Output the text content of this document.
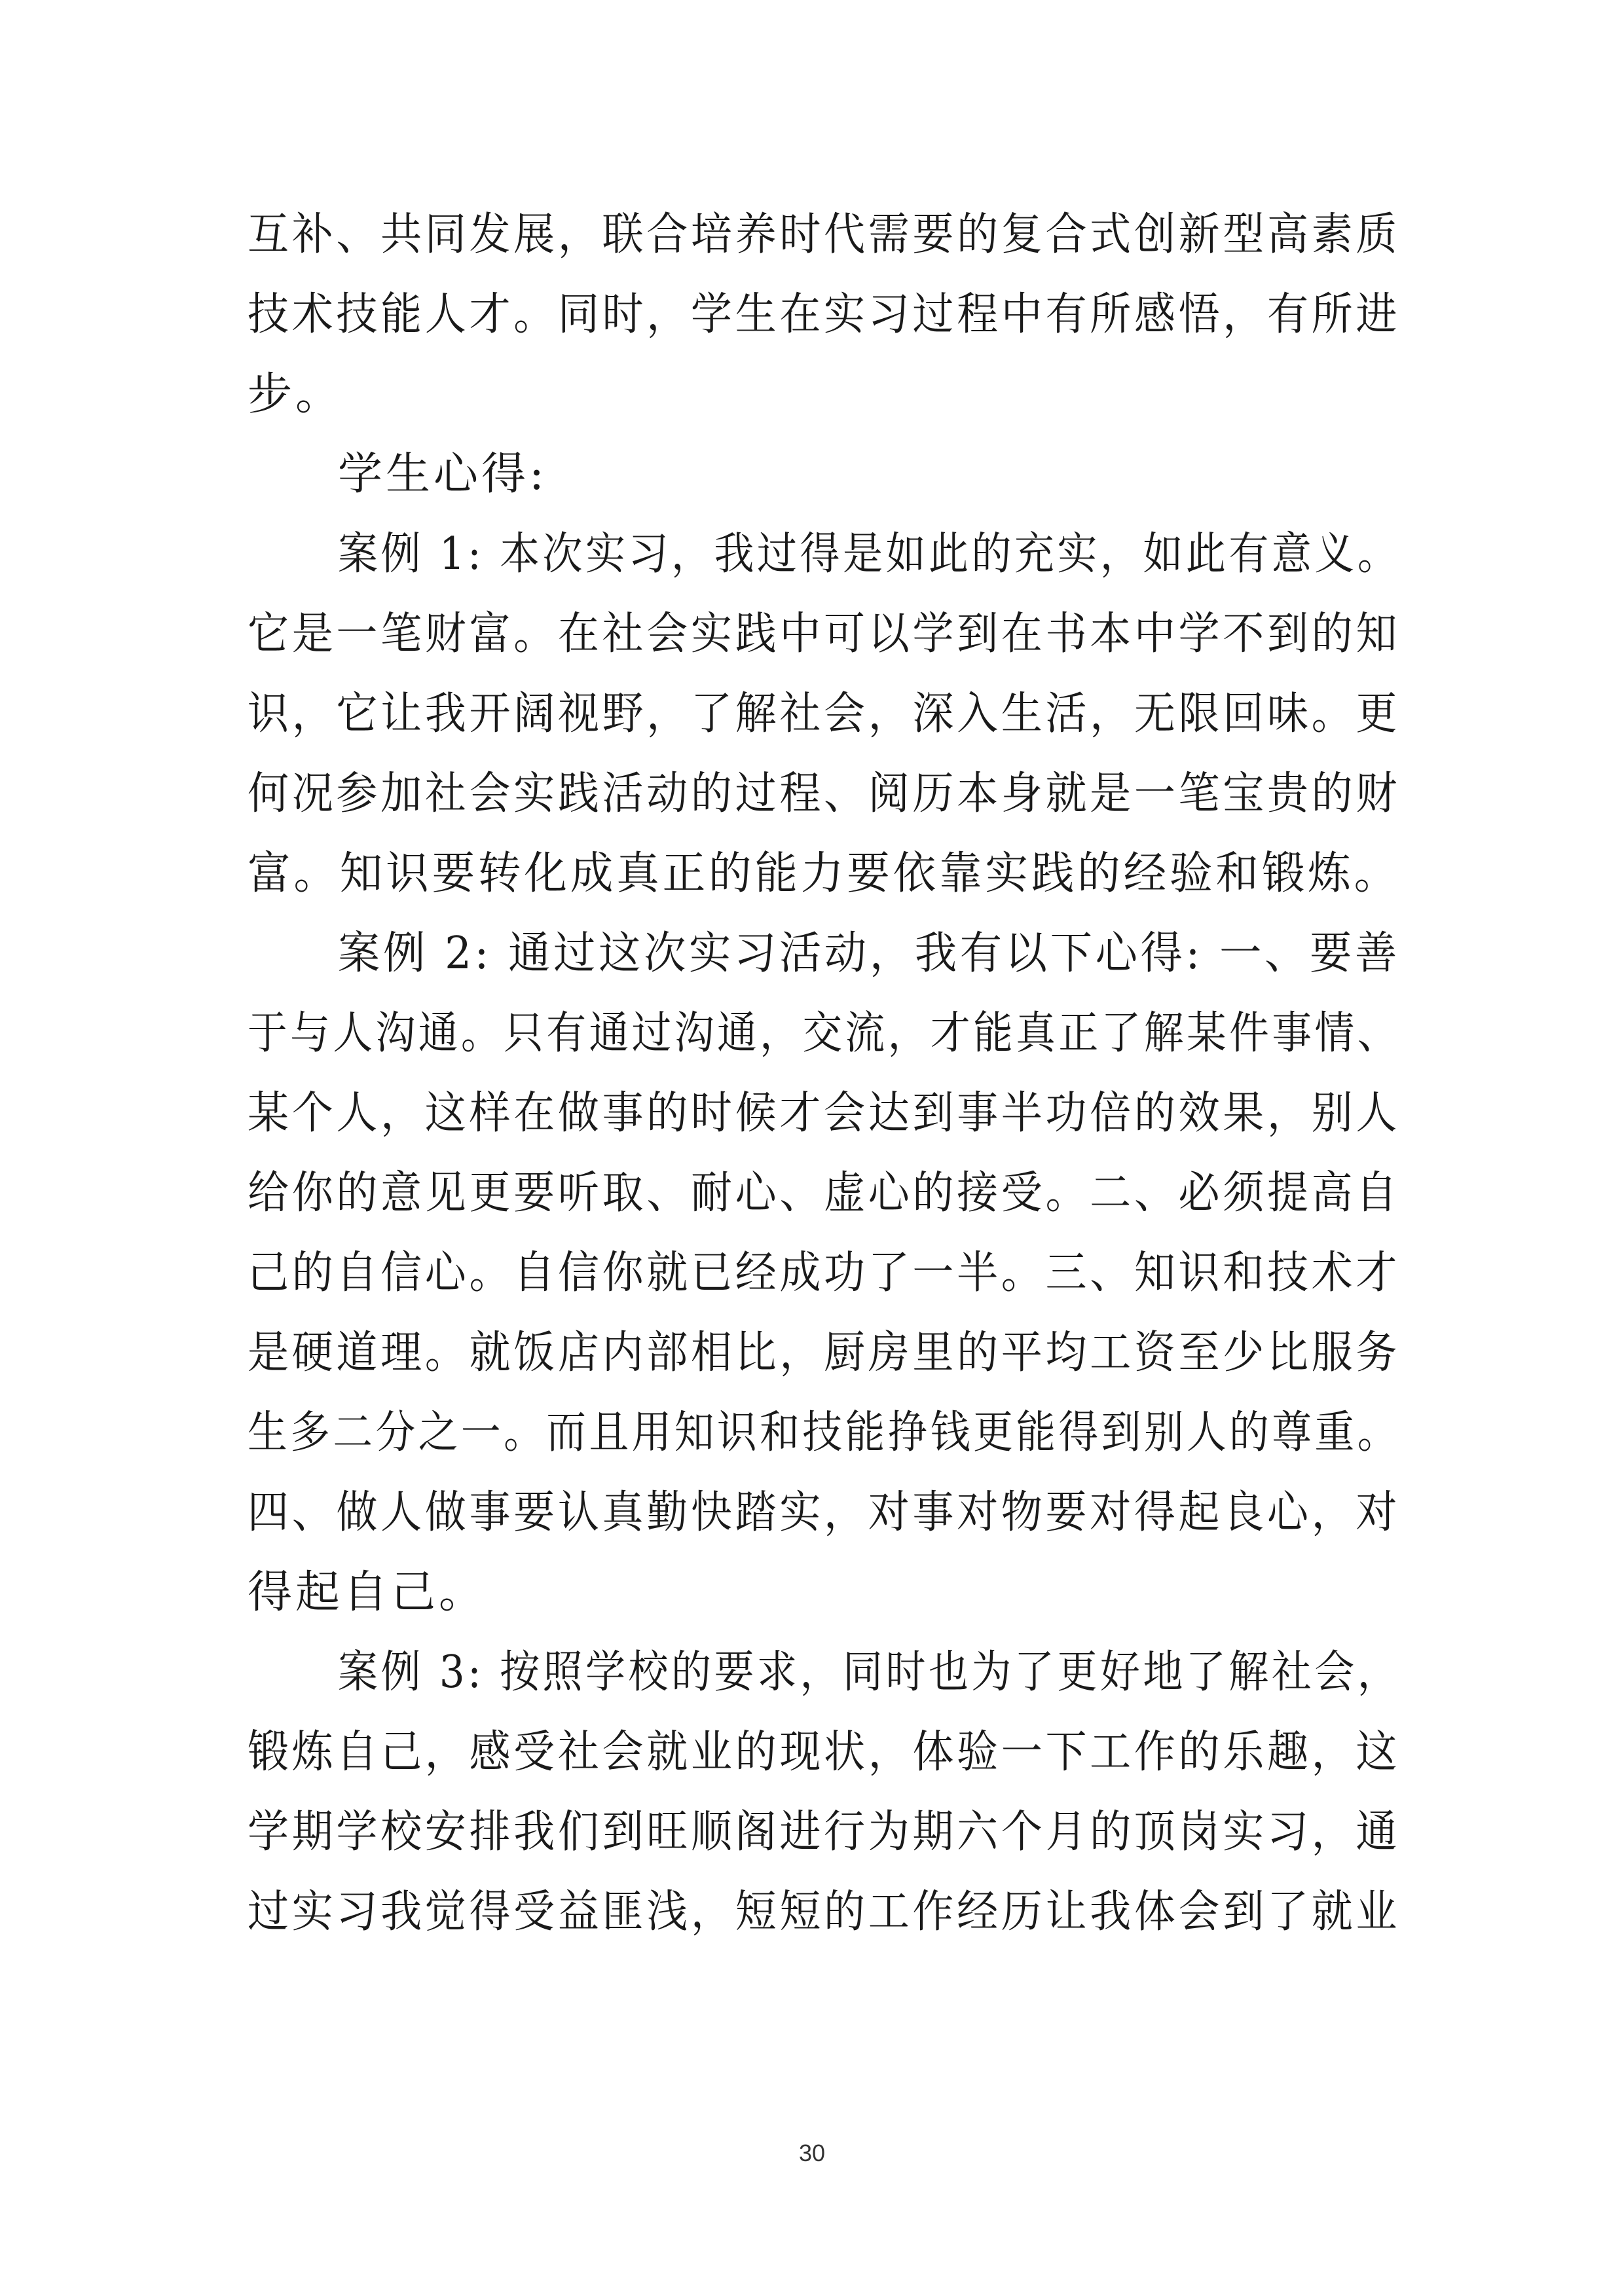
互补、共同发展，联合培养时代需要的复合式创新型高素质
技术技能人才。同时，学生在实习过程中有所感悟，有所进
步。
学生心得:
案例 1: 本次实习，我过得是如此的充实，如此有意义。
它是一笔财富。在社会实践中可以学到在书本中学不到的知
识，它让我开阔视野，了解社会，深入生活，无限回味。更
何况参加社会实践活动的过程、阅历本身就是一笔宝贵的财
富。知识要转化成真正的能力要依靠实践的经验和锻炼。
案例 2: 通过这次实习活动，我有以下心得: 一、要善
于与人沟通。只有通过沟通，交流，才能真正了解某件事情、
某个人，这样在做事的时候才会达到事半功倍的效果，别人
给你的意见更要听取、耐心、虚心的接受。二、必须提高自
己的自信心。自信你就已经成功了一半。三、知识和技术才
是硬道理。就饭店内部相比，厨房里的平均工资至少比服务
生多二分之一。而且用知识和技能挣钱更能得到别人的尊重。
四、做人做事要认真勤快踏实，对事对物要对得起良心，对
得起自己。
案例 3: 按照学校的要求，同时也为了更好地了解社会，
锻炼自己，感受社会就业的现状，体验一下工作的乐趣，这
学期学校安排我们到旺顺阁进行为期六个月的顶岗实习，通
过实习我觉得受益匪浅，短短的工作经历让我体会到了就业
30
